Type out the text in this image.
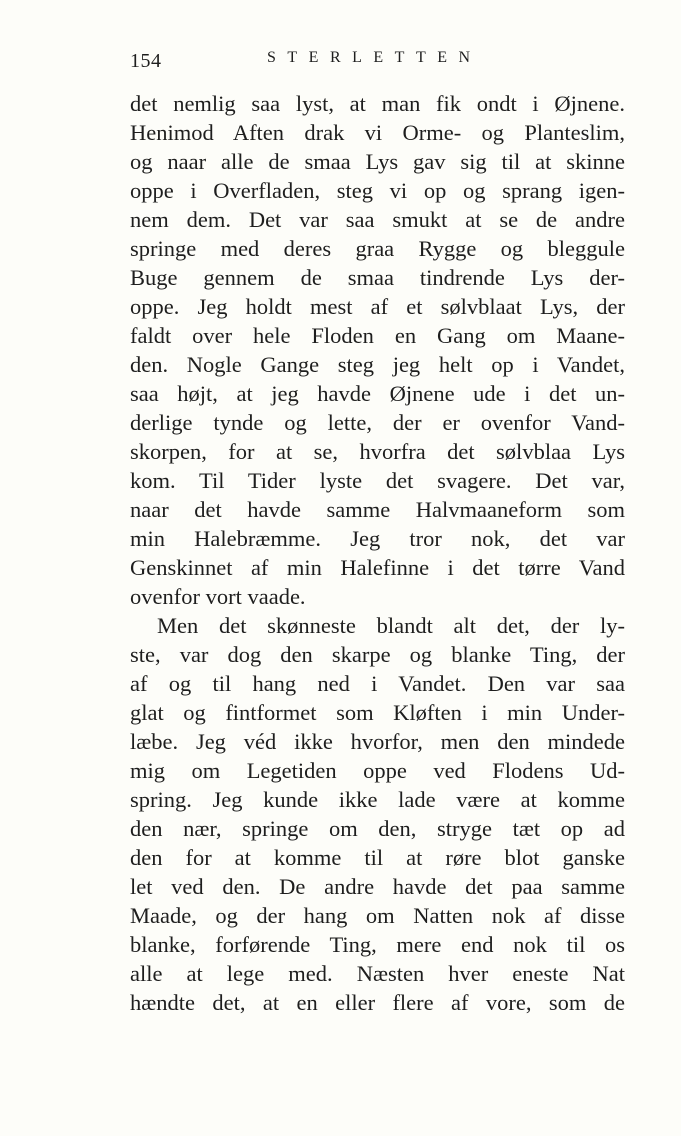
154	STERLETTEN
det nemlig saa lyst, at man fik ondt i Øjnene.
Henimod Aften drak vi Orme- og Planteslim,
og naar alle de smaa Lys gav sig til at skinne
oppe i Overfladen, steg vi op og sprang igen-
nem dem. Det var saa smukt at se de andre
springe med deres graa Rygge og bleggule
Buge gennem de smaa tindrende Lys der-
oppe. Jeg holdt mest af et sølvblaat Lys, der
faldt over hele Floden en Gang om Maane-
den. Nogle Gange steg jeg helt op i Vandet,
saa højt, at jeg havde Øjnene ude i det un-
derlige tynde og lette, der er ovenfor Vand-
skorpen, for at se, hvorfra det sølvblaa Lys
kom. Til Tider lyste det svagere. Det var,
naar det havde samme Halvmaaneform som
min Halebræmme. Jeg tror nok, det var
Genskinnet af min Halefinne i det tørre Vand
ovenfor vort vaade.
Men det skønneste blandt alt det, der ly-
ste, var dog den skarpe og blanke Ting, der
af og til hang ned i Vandet. Den var saa
glat og fintformet som Kløften i min Under-
læbe. Jeg véd ikke hvorfor, men den mindede
mig om Legetiden oppe ved Flodens Ud-
spring. Jeg kunde ikke lade være at komme
den nær, springe om den, stryge tæt op ad
den for at komme til at røre blot ganske
let ved den. De andre havde det paa samme
Maade, og der hang om Natten nok af disse
blanke, forførende Ting, mere end nok til os
alle at lege med. Næsten hver eneste Nat
hændte det, at en eller flere af vore, som de
